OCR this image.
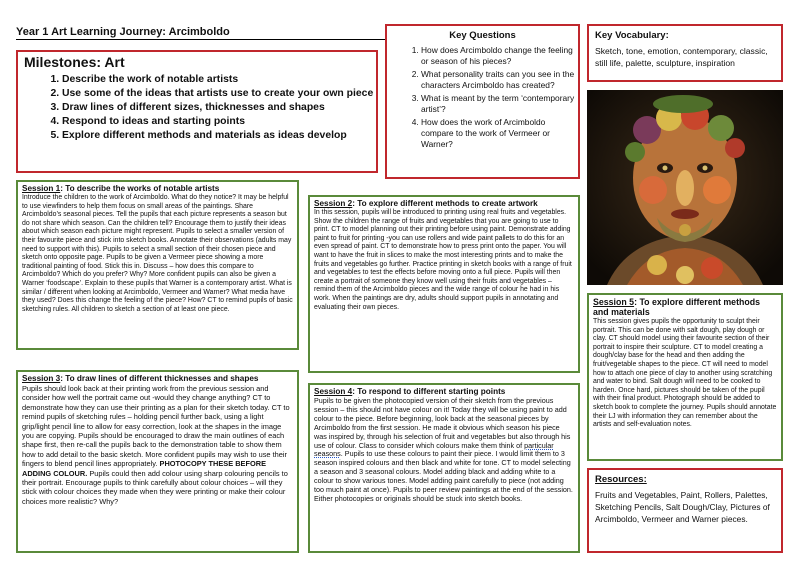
Year 1 Art Learning Journey: Arcimboldo
Milestones: Art
1. Describe the work of notable artists
2. Use some of the ideas that artists use to create your own piece
3. Draw lines of different sizes, thicknesses and shapes
4. Respond to ideas and starting points
5. Explore different methods and materials as ideas develop
Key Questions
1. How does Arcimboldo change the feeling or season of his pieces?
2. What personality traits can you see in the characters Arcimboldo has created?
3. What is meant by the term ‘contemporary artist’?
4. How does the work of Arcimboldo compare to the work of Vermeer or Warner?
Key Vocabulary:
Sketch, tone, emotion, contemporary, classic, still life, palette, sculpture, inspiration
Session 1: To describe the works of notable artists
Introduce the children to the work of Arcimboldo. What do they notice? It may be helpful to use viewfinders to help them focus on small areas of the paintings. Share Arcimboldo’s seasonal pieces. Tell the pupils that each picture represents a season but do not share which season. Can the children tell? Encourage them to justify their ideas about which season each picture might represent. Pupils to select a smaller version of their favourite piece and stick into sketch books. Annotate their observations (adults may need to support with this). Pupils to select a small section of their chosen piece and sketch onto opposite page. Pupils to be given a Vermeer piece showing a more traditional painting of food. Stick this in. Discuss – how does this compare to Arcimboldo? Which do you prefer? Why? More confident pupils can also be given a Warner ‘foodscape’. Explain to these pupils that Warner is a contemporary artist. What is similar / different when looking at Arcimboldo, Vermeer and Warner? What media have they used? Does this change the feeling of the piece? How? CT to remind pupils of basic sketching rules. All children to sketch a section of at least one piece.
Session 2: To explore different methods to create artwork
In this session, pupils will be introduced to printing using real fruits and vegetables. Show the children the range of fruits and vegetables that you are going to use to print. CT to model planning out their printing before using paint. Demonstrate adding paint to fruit for printing -you can use rollers and wide paint pallets to do this for an even spread of paint. CT to demonstrate how to press print onto the paper. You will want to have the fruit in slices to make the most interesting prints and to make the fruits and vegetables go further. Practice printing in sketch books with a range of fruit and vegetables to test the effects before moving onto a full piece. Pupils will then create a portrait of someone they know well using their fruits and vegetables – remind them of the Arcimboldo pieces and the wide range of colour he had in his work. When the paintings are dry, adults should support pupils in annotating and evaluating their own pieces.
Session 5: To explore different methods and materials
This session gives pupils the opportunity to sculpt their portrait. This can be done with salt dough, play dough or clay. CT should model using their favourite section of their portrait to inspire their sculpture. CT to model creating a dough/clay base for the head and then adding the fruit/vegetable shapes to the piece. CT will need to model how to attach one piece of clay to another using scratching and water to bind. Salt dough will need to be cooked to harden. Once hard, pictures should be taken of the pupil with their final product. Photograph should be added to sketch book to complete the journey. Pupils should annotate their LJ with information they can remember about the artists and self-evaluation notes.
Session 3: To draw lines of different thicknesses and shapes
Pupils should look back at their printing work from the previous session and consider how well the portrait came out -would they change anything? CT to demonstrate how they can use their printing as a plan for their sketch today. CT to remind pupils of sketching rules – holding pencil further back, using a light grip/light pencil line to allow for easy correction, look at the shapes in the image you are copying. Pupils should be encouraged to draw the main outlines of each shape first, then re-call the pupils back to the demonstration table to show them how to add detail to the basic sketch. More confident pupils may wish to use their fingers to blend pencil lines appropriately. PHOTOCOPY THESE BEFORE ADDING COLOUR. Pupils could then add colour using sharp colouring pencils to their portrait. Encourage pupils to think carefully about colour choices – will they stick with colour choices they made when they were printing or make their colour choices more realistic? Why?
Session 4: To respond to different starting points
Pupils to be given the photocopied version of their sketch from the previous session – this should not have colour on it! Today they will be using paint to add colour to the piece. Before beginning, look back at the seasonal pieces by Arcimboldo from the first session. He made it obvious which season his piece was inspired by, through his selection of fruit and vegetables but also through his use of colour. Class to consider which colours make them think of particular seasons. Pupils to use these colours to paint their piece. I would limit them to 3 season inspired colours and then black and white for tone. CT to model selecting a season and 3 seasonal colours. Model adding black and adding white to a colour to show various tones. Model adding paint carefully to piece (not adding too much paint at once). Pupils to peer review paintings at the end of the session. Either photocopies or originals should be stuck into sketch books.
Resources:
Fruits and Vegetables, Paint, Rollers, Palettes, Sketching Pencils, Salt Dough/Clay, Pictures of Arcimboldo, Vermeer and Warner pieces.
